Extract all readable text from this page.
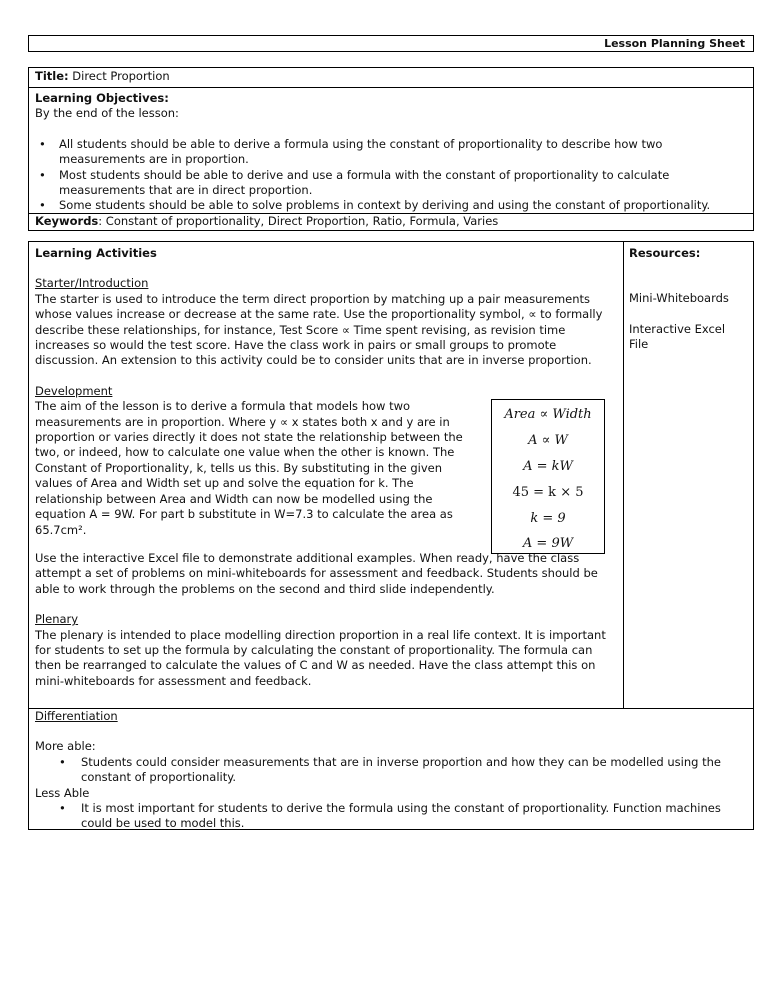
Lesson Planning Sheet
Title: Direct Proportion
Learning Objectives:
By the end of the lesson:
• All students should be able to derive a formula using the constant of proportionality to describe how two measurements are in proportion.
• Most students should be able to derive and use a formula with the constant of proportionality to calculate measurements that are in direct proportion.
• Some students should be able to solve problems in context by deriving and using the constant of proportionality.
Keywords: Constant of proportionality, Direct Proportion, Ratio, Formula, Varies
Learning Activities
Starter/Introduction

The starter is used to introduce the term direct proportion by matching up a pair measurements whose values increase or decrease at the same rate. Use the proportionality symbol, ∝ to formally describe these relationships, for instance, Test Score ∝ Time spent revising, as revision time increases so would the test score. Have the class work in pairs or small groups to promote discussion. An extension to this activity could be to consider units that are in inverse proportion.

Development

The aim of the lesson is to derive a formula that models how two measurements are in proportion. Where y ∝ x states both x and y are in proportion or varies directly it does not state the relationship between the two, or indeed, how to calculate one value when the other is known. The Constant of Proportionality, k, tells us this. By substituting in the given values of Area and Width set up and solve the equation for k. The relationship between Area and Width can now be modelled using the equation A = 9W. For part b substitute in W=7.3 to calculate the area as 65.7cm².

Use the interactive Excel file to demonstrate additional examples. When ready, have the class attempt a set of problems on mini-whiteboards for assessment and feedback. Students should be able to work through the problems on the second and third slide independently.

Plenary

The plenary is intended to place modelling direction proportion in a real life context. It is important for students to set up the formula by calculating the constant of proportionality. The formula can then be rearranged to calculate the values of C and W as needed. Have the class attempt this on mini-whiteboards for assessment and feedback.

Area ∝ Width
A ∝ W
A = kW
45 = k × 5
k = 9
A = 9W
Resources:
Mini-Whiteboards
Interactive Excel File
Differentiation
More able:
• Students could consider measurements that are in inverse proportion and how they can be modelled using the constant of proportionality.
Less Able
• It is most important for students to derive the formula using the constant of proportionality. Function machines could be used to model this.
